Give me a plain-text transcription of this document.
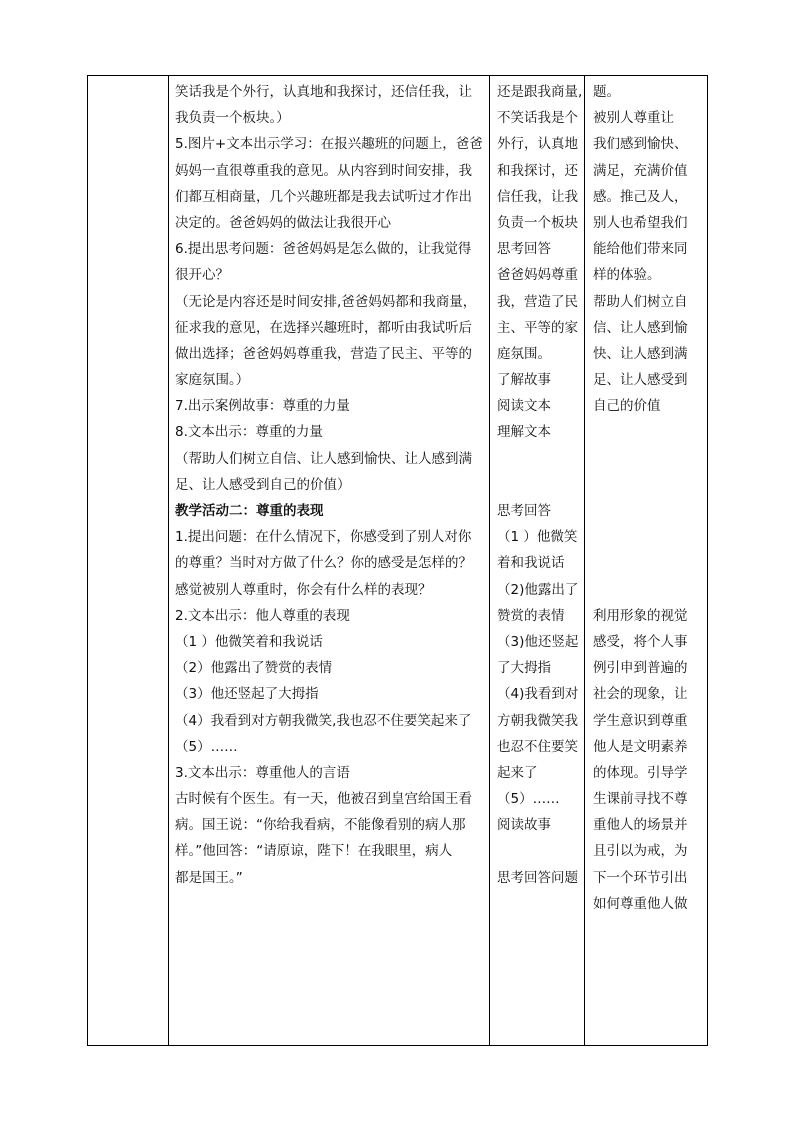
笑话我是个外行，认真地和我探讨，还信任我，让
我负责一个板块。）
5.图片+文本出示学习：在报兴趣班的问题上，爸爸
妈妈一直很尊重我的意见。从内容到时间安排，我
们都互相商量，几个兴趣班都是我去试听过才作出
决定的。爸爸妈妈的做法让我很开心
6.提出思考问题：爸爸妈妈是怎么做的，让我觉得
很开心？
（无论是内容还是时间安排,爸爸妈妈都和我商量，
征求我的意见，在选择兴趣班时，都听由我试听后
做出选择；爸爸妈妈尊重我，营造了民主、平等的
家庭氛围。）
7.出示案例故事：尊重的力量
8.文本出示：尊重的力量
（帮助人们树立自信、让人感到愉快、让人感到满
足、让人感受到自己的价值）
教学活动二：尊重的表现
1.提出问题：在什么情况下，你感受到了别人对你
的尊重？当时对方做了什么？你的感受是怎样的？
感觉被别人尊重时，你会有什么样的表现？
2.文本出示：他人尊重的表现
（1 ）他微笑着和我说话
（2）他露出了赞赏的表情
（3）他还竖起了大拇指
（4）我看到对方朝我微笑,我也忍不住要笑起来了
（5）……
3.文本出示：尊重他人的言语
古时候有个医生。有一天，他被召到皇宫给国王看
病。国王说：“你给我看病，不能像看别的病人那
样。”他回答：“请原谅，陛下！在我眼里，病人
都是国王。”

还是跟我商量,
不笑话我是个
外行，认真地
和我探讨，还
信任我，让我
负责一个板块
思考回答
爸爸妈妈尊重
我，营造了民
主、平等的家
庭氛围。
了解故事
阅读文本
理解文本
思考回答
（1 ）他微笑
着和我说话
（2)他露出了
赞赏的表情
（3)他还竖起
了大拇指
（4)我看到对
方朝我微笑我
也忍不住要笑
起来了
（5）……
阅读故事
思考回答问题

题。
被别人尊重让
我们感到愉快、
满足，充满价值
感。推己及人，
别人也希望我们
能给他们带来同
样的体验。
帮助人们树立自
信、让人感到愉
快、让人感到满
足、让人感受到
自己的价值
利用形象的视觉
感受，将个人事
例引申到普遍的
社会的现象，让
学生意识到尊重
他人是文明素养
的体现。引导学
生课前寻找不尊
重他人的场景并
且引以为戒，为
下一个环节引出
如何尊重他人做
